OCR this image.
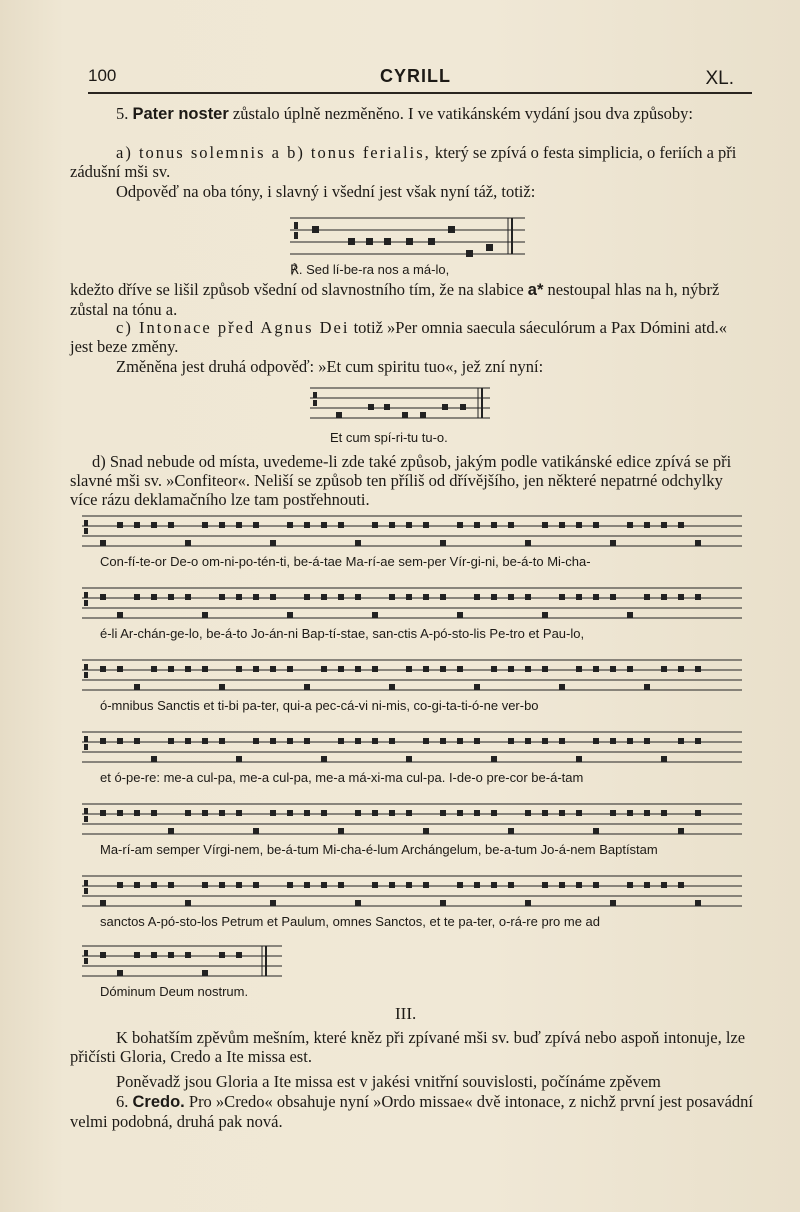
100	CYRILL	XL.
5. Pater noster zůstalo úplně nezměněno. I ve vatikánském vydání jsou dva způsoby:
a) tonus solemnis a b) tonus ferialis, který se zpívá o festa simplicia, o feriích a při zádušní mši sv.
Odpověď na oba tóny, i slavný i všední jest však nyní táž, totiž:
℟. Sed lí-be-ra nos a má-lo,
kdežto dříve se lišil způsob všední od slavnostního tím, že na slabice a* nestoupal hlas na h, nýbrž zůstal na tónu a.
c) Intonace před Agnus Dei totiž »Per omnia saecula sáeculórum a Pax Dómini atd.« jest beze změny.
Změněna jest druhá odpověď: »Et cum spiritu tuo«, jež zní nyní:
Et cum spí-ri-tu tu-o.
d) Snad nebude od místa, uvedeme-li zde také způsob, jakým podle vatikánské edice zpívá se při slavné mši sv. »Confiteor«. Neliší se způsob ten příliš od dřívějšího, jen některé nepatrné odchylky více rázu deklamačního lze tam postřehnouti.
Con-fí-te-or De-o om-ni-po-tén-ti, be-á-tae Ma-rí-ae sem-per Vír-gi-ni, be-á-to Mi-cha-
é-li Ar-chán-ge-lo, be-á-to Jo-án-ni Bap-tí-stae, san-ctis A-pó-sto-lis Pe-tro et Pau-lo,
ó-mnibus Sanctis et ti-bi pa-ter, qui-a pec-cá-vi ni-mis, co-gi-ta-ti-ó-ne ver-bo
et ó-pe-re: me-a cul-pa, me-a cul-pa, me-a má-xi-ma cul-pa. I-de-o pre-cor be-á-tam
Ma-rí-am semper Vírgi-nem, be-á-tum Mi-cha-é-lum Archángelum, be-a-tum Jo-á-nem Baptístam
sanctos A-pó-sto-los Petrum et Paulum, omnes Sanctos, et te pa-ter, o-rá-re pro me ad
Dóminum Deum nostrum.
III.
K bohatším zpěvům mešním, které kněz při zpívané mši sv. buď zpívá nebo aspoň intonuje, lze přičísti Gloria, Credo a Ite missa est.
Poněvadž jsou Gloria a Ite missa est v jakési vnitřní souvislosti, počínáme zpěvem
6. Credo. Pro »Credo« obsahuje nyní »Ordo missae« dvě intonace, z nichž první jest posavádní velmi podobná, druhá pak nová.
